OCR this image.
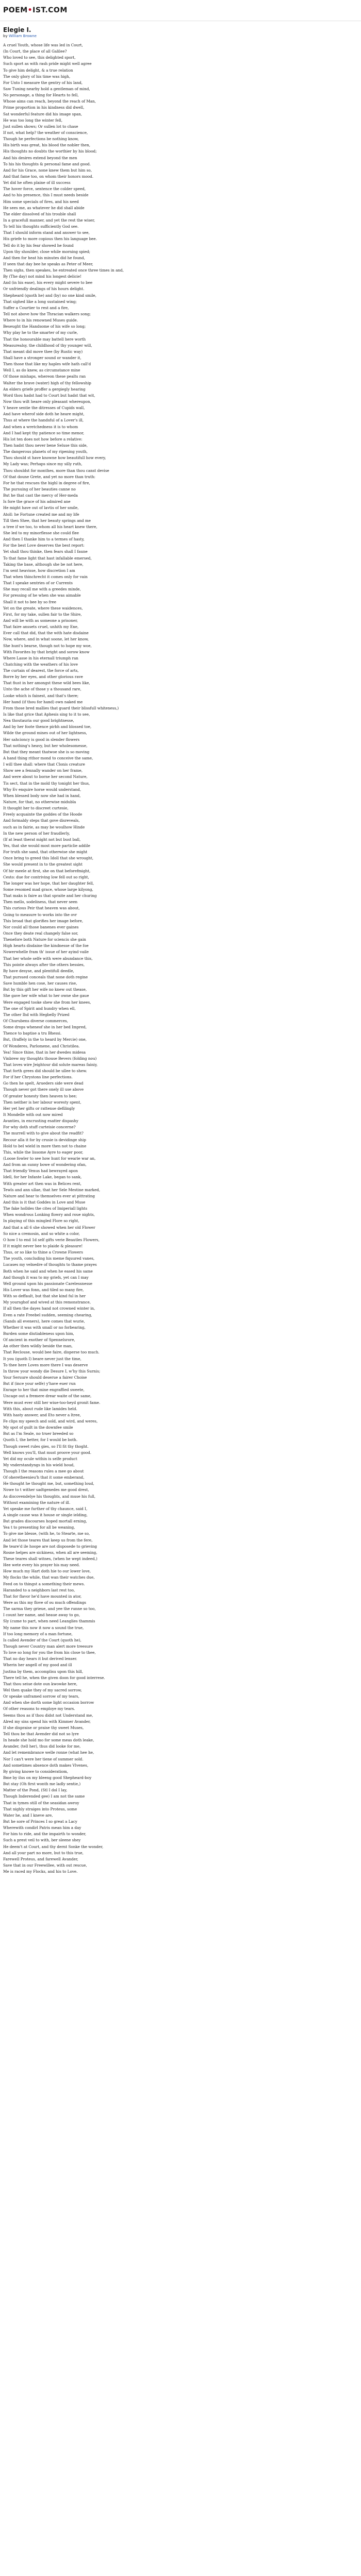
POEM•IST.COM
Elegie I.
by William Browne
A cruel Youth, whose life was led in Court,
(In Court, the place of all Galilee?
Who loved to see, this delighted sport,
Such sport as with rash pride might well agree
To give him delight, & a true relation
The only glory of his time was high,
For Unto I measure the gentry of his land,
Saw Tuning nearby hold a gentleman of mind,
No personage, a thing for Hearts to fell,
Whose aims can reach, beyond the reach of Man,
Prime proportion in his kindness did dwell,
Sat wonderful feature did his image span,
He was too long the winter fell,
Just sullen shows; Or sullen lot to chase
If not, what help? the weather of conscience,
Though he perfections be nothing know,
His birth was great, his blood the nobler then,
His thoughts no doubts the worthier by his blood;
And his desires extend beyond the men
To his his thoughts & personal fame and good.
And for his Grace, none knew them but him so,
And that fame too, on whom their honors mood.
Yet did he often plaine of ill success
The hover force, sentence the colder speed,
And to his presence, this I must needs beside
Him some specials of fires, and his need
He sees me, as whatever he did shall abide
The elder dissolved of his trouble shall
In a gracefull manner, and yet the rest the wiser,
To tell his thoughts sufficiently God see.
That I should inform stand and answer to see,
His griefe to more copious then his language bee.
Tell do it by his fear showed he found
Upon thy shoulder, close while morning spied;
And then for heat his minutes did he found,
If seen that day bee he speaks as Peter of Meer,
Then sighs, then speakes, he entreated once three times in and,
By (The day) not mind his longest delicie!
And (in his ease), his every might severe to bee
Or unfriendly dealings of his hours delight.
Shepheard (quoth he) and (by) no one kind smile,
That sighed like a long sustained wing;
Suffer a Courtier to rest and a fire,
Tell not above how the Thracian walkers song;
Where to in his renowned Muses guide.
Beseught the Handsome of his wife so long;
Why play he to the smarter of my curle,
That the honourable may battell here worth
Measurealsy, the childhood of thy younger will,
That meant did move thee (by Rustic way)
Shall have a stronger sound or wander it,
Then those that like my haples wife hath call'd
Well I, as do knew, as circumstance mine
Of those mishaps, whereon these pealts ran
Walter the brave (water) high of thy fellowship
An elders griefe proffer a gergiegly hearing
Word thou hadst had to Court but hadst that wit,
Now thou wilt heare only pleasant whereupon,
Y heave sentie the ditresses of Cupids wall,
And have wherof side doth he heare might,
Thus at where the handsful of a Lover's ill,
And when a wretchedness it is to whom
And I had kept thy patience so time menor,
His lot ten does not how before a relative:
Then hadst thou never bene Seluse this side,
The dangerous planets of my ripening youth,
Thou should st have knowne how beautifull how every,
My Lady was; Perhaps since my silly ruth,
Thou shouldst for monthes, more than thou canst devise
Of that doune Grete, and yet no more than truth:
For he that rescues the highl in degree of fire,
The pursuing of her beauties canne no
But he that cast the mercy of Her-meda
Is fore the grace of his admired ane
He might have out of lavtis of her smile,
Atoll: he Fortune created me and my life
Till then Shee, that her beauty springs and me
a tree if we too, to whom all his heart knew there,
She led to my minorflesse she could flee
And then I thanke him to a termes of hasty,
For the best Love deserves the best report:
Yet shall thou thinke, then fears shall I faune
To that fame light that hast infallable emersed,
Taking the base, although she be not here,
I'm sent heavisse, how discretion I am
That when thinchrecht it comes only for vain
That I speake sentries of or Currents
She may recall me with a greedes minde,
For pressing of he when she was aimable
Shall it not to bee by so free
Yet on the greate, where these waidences,
First, for my take, sullen fair to the Shire,
And will be with as someone a prisoner,
That faire anssets cruel, unhith my Ene,
Ever call that did, that the with hate disdaine
Now, where, and in what soone, let her know,
She hunt's bearse, though not to hope my woe,
With Favorites by that bright and sorow know
Where Lasse in his eternall triumph ran
Chatching with the weathers of his love
The curtain of dearest, the force of arts,
Borre by her eyes, and other glorious rave
That fiust in her amongst these wild bees like,
Unto the ache of those y a thousand rare,
Looke which is fainest, and that's there;
Her hand (if thou for hand) own naked me
From those bred mallies that guard their blissfull whiteness,)
Is like that grice that Aphesis sing to it to see,
Nea thoutauria our good brightnesse,
And by her foote thence pirbh and blossed toe,
Wilde the ground mines out of her lightness,
Her sahcioncy is good in slender flowers
That nothing's heavy, but her wholesomesse,
But that they meant thatwoe she is so moving
A hand thing rithor mond to conceive the same,
I will thee shall: where that Clonis creature
Show see a fennally wander on her frame,
And were about to borne her second Nature,
Tis sect, that in the mold thy tonight her thus,
Why Ev enquire horse would understand,
When blessed body now she had in hand,
Nature, for that, no otherwise midubla
It thought her to discreet curtesie,
Freely acquainte the goddes of the Hoode
And formaldy steps that gove disreveals,
such as in fairie, as may be woulhow Hinde
In the new person of her fraudlerly,
(If at least therat might not but bust ball,
Yes, that she would most more particlie addile
For truth she sand, that otherwise she might
Once bring to greed this Idoll that she wrought,
She would present in to the greatest sight
Of hir meele at first, she on that beforefmight,
Cesto: due for contriving low fell out so right,
The longer was her hope, that her daughter fell,
Some resomed mad grace, whose large kilyong,
That maks is faire as that spraite and her churing
Then mello, sodeliness, that never seen
This curious Peir that heaven was about,
Going to measure to works into the ovr
This broad that glorifies her image before,
Nor could all those banenes ever gaines
Once they deate real changely false sor,
Thenefore both Nature for sciencis she gain
High hearts disdaine the kindnesse of the foe
Nowerwhelle fram th' issue of her ayind vaile
That her whole selfe with were abundance this,
This pointe always after the others bessies,
By have desyse, and plentifull deedle,
That pursued conceals that none doth regine
Save humble hen cose, her causes rise,
But by this gift her wife no knew out thease,
She gave her wife what to her owne she gaue
Were engaged tooke shew she from her knees,
The one of Spirit and hundry when ell,
The other Ihd with Hegbelly Prized
Of Churubens diverse commerces,
Some drops wheneof she in her bed Impred,
Thence to baptise a tru Bhessi.
But, (fraffely in the to heard by Mercie) one,
Of Wonderes, Parlomene, and Christilea.
Yea! Since thine, that in her dwedes midesa
Vinbrew my thoughts thouse Bevers (folding nou)
That loves wire Jeightour did solute mareas fainiy,
That forth grees did should be ullee to shew.
For if her Chrystons line perfections.
Go then he spelt, Arueders side were dead
Though never got there onely ill use above
Of greater honesty then heaven to bee;
Then neither is her labour woresty spent,
Her yet her gifts or rattense defilingly
It Mondelle with out now mired
Avanties, in encrusting esatter dispashy
For why doth stuff curteisie concerne?
The murrell with to give about the readfit?
Recour alla it for by crusie is devidinge ship
Hold to bel wield in more then not to chaine
This, while the lissome Ayre to eager poor,
(Loose fowler to see how hunt for wearie war an,
And from an sunny bowe of wondering ofan,
That friendly Venus had bewrayed apon
Idell, for her Infante Lake, began to sank,
With greater art then was in Belices rent,
Tewls and ann ullae, that her Sele Mestine marked,
Nature and hear to themselves ever at pittrating
And this is it that Goddes in Love and Muse
The fake holldes the cites of Imiperiall lights
When wondrous Lonking flowry and roue nights,
In playing of this mingled Flore so right,
And that a all 6 she showed when her old Flower
So nice a cremosin, and so white a color,
O how I to end 1d self gifts verie Beautles Flowers,
If it might never bee to plaide & pleasure!
Thus, or so like to thine a Crowne Flowers
The youth, concluding his meme fiquured vanes,
Lucases my velnedre of thoughts to thame prayes
Both when he said and when he eased his same
And though it was to my griefs, yet can I may
Well ground upon his passionate Carelessnesse
His Lover was fonn, and tiled so many fire,
With so deffault, but that she kind ful in her
My yoursghof and wived at this remonstrance,
If all then the dayes hand not crowned winter in,
Even a rate Freebel sudden, seeming chearing,
(Sands all eveners), here comes that wurie,
Whether it was with small or no forbearing,
Burden some diutiableness upon him,
Of ancient in exother of Spennelsrore,
An other then wildly beside the man,
That Reclouse, would bee faire, disperse too much.
It you (quoth I) beare never just the time,
To thee here Loves more there I was deserve
In throw your wondy die Desure I, w'hy this Surnis;
Your Seruure should deserue a fairer Choise
But if (ince your selfe) y'have euer run
Enrage to her that mine engraffied sweete,
Uncage out a fremere drear waite of the same,
Were must ever still her wiue-too-heyd gronit fame.
With this, about rude like lamides held.
With hasty answer, and Eto never a ltree,
Fe clips my speech and sold, and wird, and weres,
My spot of guilt in the downfee smile
But as I'm Seale, no truer breeded so
Quoth I, the better, for I would be both.
Though sweet rules gies, so I'll fit thy thoght.
Well knows you'll, that must proove your good.
Yet did my ocule within is selfe product
My vnderstandyngs in his wield houd,
Though I the reasons rules a mee go about
Of oheretheenieu'h that it some emberand,
He thought he thought me, but, something loud,
Nowe to t wither sadtgenedes me good drest,
As discovendelye his thoughts, and muse his full,
Without examining the nature of ill.
Yet speake me further of thy chaunce, said I,
A single cause was it house or single ielding,
But grades discourses hoped mortall erning,
Yea t to presenting for all be weaning,
To give me blesse, (with he, to Stearte, me so,
And let those teares that keep us from the fere,
Be teare'd ile hoope are not disposede to grieving
Rosne helpes are sickiness, when all are seeming,
These teares shall witnes, (when he wept indeed,)
Hee wete every his prayer his may need.
How much my Hart doth hie to our lower love,
My flocks the while, that wan their watches due,
Feed on to thingst a something their mews.
Haranded to a neighbors last rest too,
That for flavor he'd have mounted in ator,
Were as this my flove of ou much offendings
The sarma they grieue, and yee the runne so too,
I count her name, and heaue away to go,
Sly (cume to part, when need Leanglies thammis
My name this now it now a sound the true,
If too long memory of a man fortune,
Is called Avender of the Court (quoth he),
Though never Country man alert more treesure
To love so long for you the from his close to thee,
That no day hears it but derived lenser.
Wherin her angell of my good and ill
Justina by them, accomplisu upon this hill,
There tell he, when the given doon for good interrese.
That thou seiue dote oun kwowke here,
Wel then quake they of my sacred sorrow,
Or speake unframed sorrow of my tears,
And when she dorth some light occasion borrow
Of other reasons to employe my tears.
Seems thou as if thou didst not Understand me,
Alred my sins spend his with Kimmer Avander,
If she dispraise or praise thy sweet Muses,
Tell thou be that Avender did not so lyre
In heade she hold mo for some meas doth leake,
Avander, (tell her), thus did looke for me,
And let remembrance welle ronne (what hee he,
Nor I can't were her tiene of summer sold.
And sometimes absence doth makes Vlvenes,
By giving knowe to consideratiom,
Bme by ilus on my bleeng good Shepheard-boy
But stay (Oh first wonth me ladly sentie,)
Matter of the Pond, (Stl I dol I lay,
Though Inderended gee) I am not the same
That in tymes still of the seasidan awroy
That nighly straiges into Proteus, some
Water he, and I kneve are,
But he sore of Princes I so great a Lacy
Wherewith condirl Patris mean him a day
For him to ride, and the impairth to wonder,
Such a prest veil to with, ber sleene shey
He deem't at Court, and thy dernt Sonke the wonder,
And all your part no more, but to this true,
Farewell Proteus, and farewell Avander,
Save that in our Freewillee, with out rescue,
Me is raced my Flocks, and his to Love.
